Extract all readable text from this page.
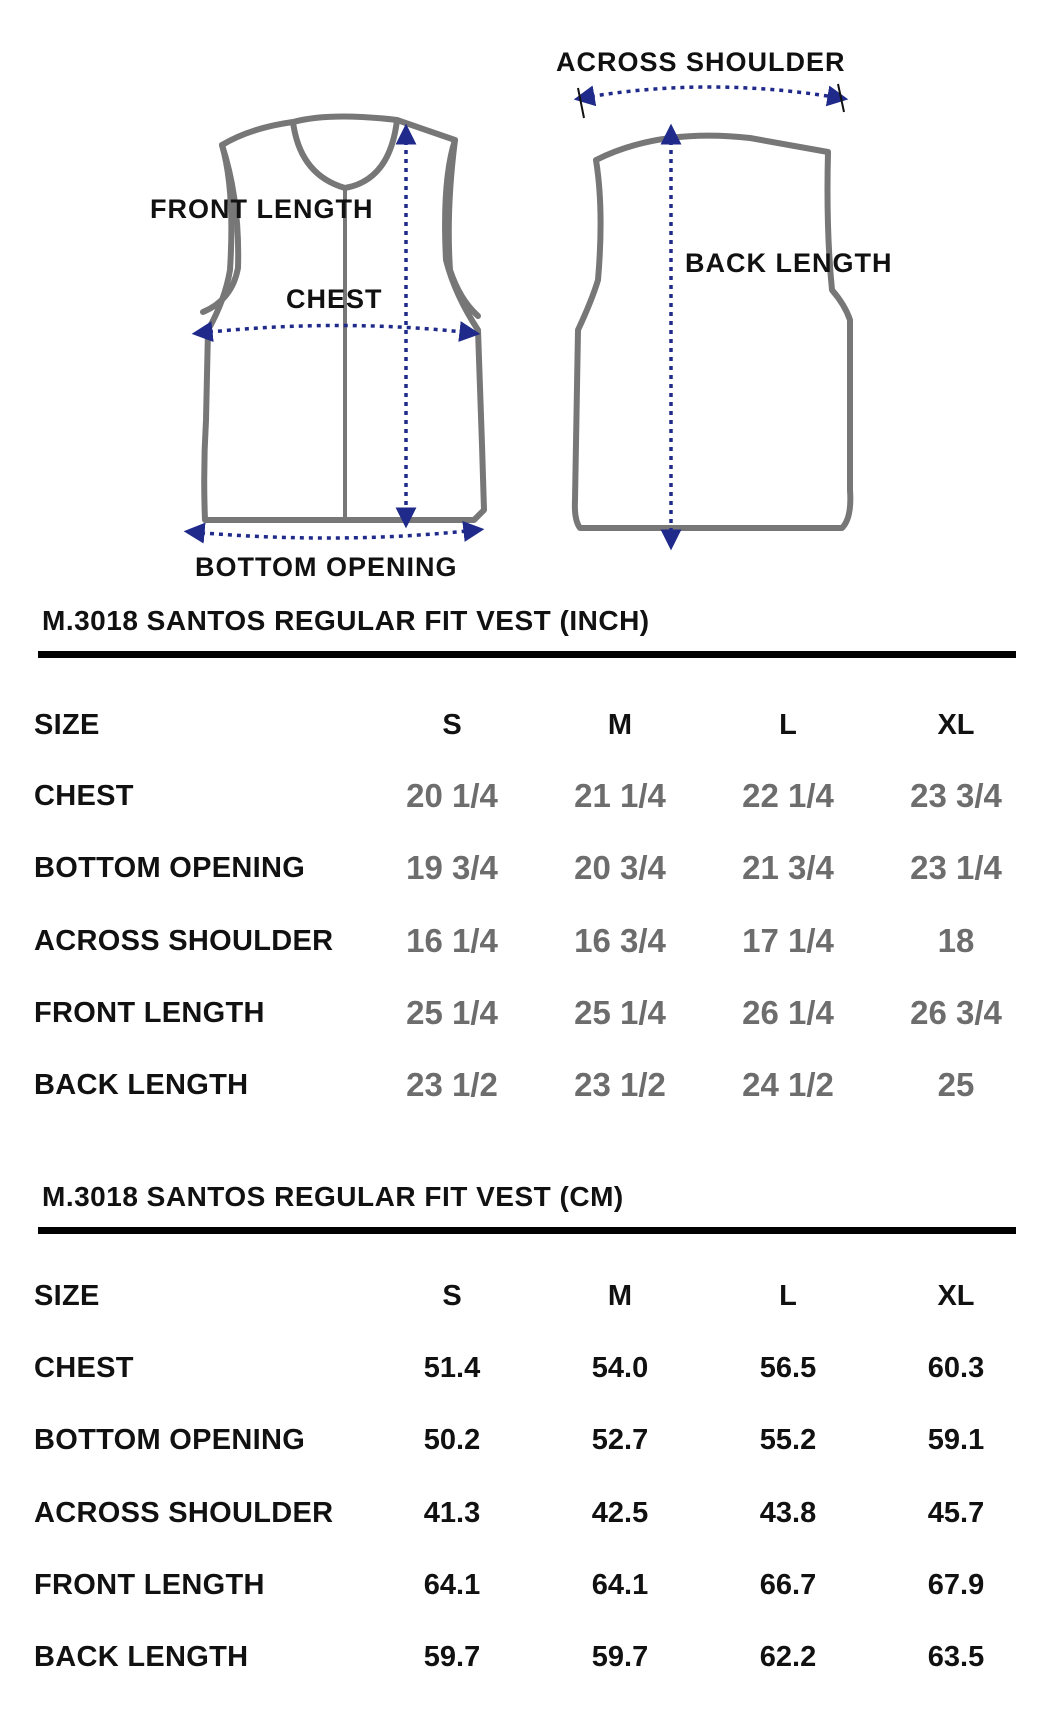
FRONT LENGTH
CHEST
BOTTOM OPENING
ACROSS SHOULDER
BACK LENGTH
M.3018 SANTOS REGULAR FIT VEST (INCH)
SIZE	S	M	L	XL
CHEST	20 1/4	21 1/4	22 1/4	23 3/4
BOTTOM OPENING	19 3/4	20 3/4	21 3/4	23 1/4
ACROSS SHOULDER	16 1/4	16 3/4	17 1/4	18
FRONT LENGTH	25 1/4	25 1/4	26 1/4	26 3/4
BACK LENGTH	23 1/2	23 1/2	24 1/2	25
M.3018 SANTOS REGULAR FIT VEST (CM)
SIZE	S	M	L	XL
CHEST	51.4	54.0	56.5	60.3
BOTTOM OPENING	50.2	52.7	55.2	59.1
ACROSS SHOULDER	41.3	42.5	43.8	45.7
FRONT LENGTH	64.1	64.1	66.7	67.9
BACK LENGTH	59.7	59.7	62.2	63.5
